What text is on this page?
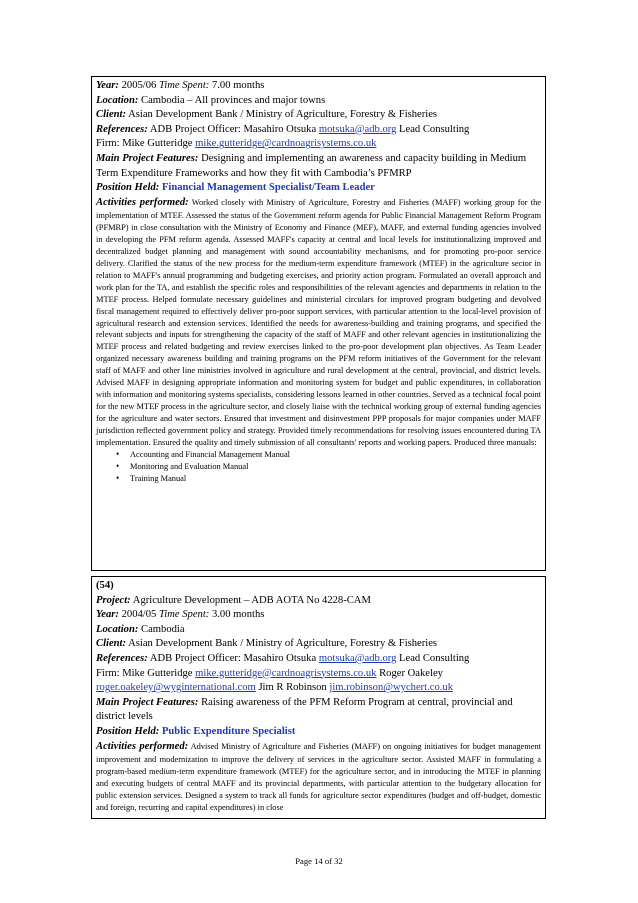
Year: 2005/06 Time Spent: 7.00 months
Location: Cambodia – All provinces and major towns
Client: Asian Development Bank / Ministry of Agriculture, Forestry & Fisheries
References: ADB Project Officer: Masahiro Otsuka motsuka@adb.org Lead Consulting
Firm: Mike Gutteridge mike.gutteridge@cardnoagrisystems.co.uk
Main Project Features: Designing and implementing an awareness and capacity building in Medium Term Expenditure Frameworks and how they fit with Cambodia’s PFMRP
Position Held: Financial Management Specialist/Team Leader
Activities performed: Worked closely with Ministry of Agriculture, Forestry and Fisheries (MAFF) working group for the implementation of MTEF. Assessed the status of the Government reform agenda for Public Financial Management Reform Program (PFMRP) in close consultation with the Ministry of Economy and Finance (MEF), MAFF, and external funding agencies involved in developing the PFM reform agenda. Assessed MAFF's capacity at central and local levels for institutionalizing improved and decentralized budget planning and management with sound accountability mechanisms, and for promoting pro-poor service delivery. Clarified the status of the new process for the medium-term expenditure framework (MTEF) in the agriculture sector in relation to MAFF's annual programming and budgeting exercises, and priority action program. Formulated an overall approach and work plan for the TA, and establish the specific roles and responsibilities of the relevant agencies and departments in relation to the MTEF process. Helped formulate necessary guidelines and ministerial circulars for improved program budgeting and devolved fiscal management required to effectively deliver pro-poor support services, with particular attention to the local-level provision of agricultural research and extension services. Identified the needs for awareness-building and training programs, and specified the relevant subjects and inputs for strengthening the capacity of the staff of MAFF and other relevant agencies in institutionalizing the MTEF process and related budgeting and review exercises linked to the pro-poor development plan objectives. As Team Leader organized necessary awareness building and training programs on the PFM reform initiatives of the Government for the relevant staff of MAFF and other line ministries involved in agriculture and rural development at the central, provincial, and district levels. Advised MAFF in designing appropriate information and monitoring system for budget and public expenditures, in collaboration with information and monitoring systems specialists, considering lessons learned in other countries. Served as a technical focal point for the new MTEF process in the agriculture sector, and closely liaise with the technical working group of external funding agencies for the agriculture and water sectors. Ensured that investment and disinvestment PPP proposals for major companies under MAFF jurisdiction reflected government policy and strategy. Provided timely recommendations for resolving issues encountered during TA implementation. Ensured the quality and timely submission of all consultants' reports and working papers. Produced three manuals:
• Accounting and Financial Management Manual
• Monitoring and Evaluation Manual
• Training Manual
(54)
Project: Agriculture Development – ADB AOTA No 4228-CAM
Year: 2004/05 Time Spent: 3.00 months
Location: Cambodia
Client: Asian Development Bank / Ministry of Agriculture, Forestry & Fisheries
References: ADB Project Officer: Masahiro Otsuka motsuka@adb.org Lead Consulting
Firm: Mike Gutteridge mike.gutteridge@cardnoagrisystems.co.uk Roger Oakeley
roger.oakeley@wyginternational.com Jim R Robinson jim.robinson@wychert.co.uk
Main Project Features: Raising awareness of the PFM Reform Program at central, provincial and district levels
Position Held: Public Expenditure Specialist
Activities performed: Advised Ministry of Agriculture and Fisheries (MAFF) on ongoing initiatives for budget management improvement and modernization to improve the delivery of services in the agriculture sector. Assisted MAFF in formulating a program-based medium-term expenditure framework (MTEF) for the agriculture sector, and in introducing the MTEF in planning and executing budgets of central MAFF and its provincial departments, with particular attention to the budgetary allocation for public extension services. Designed a system to track all funds for agriculture sector expenditures (budget and off-budget, domestic and foreign, recurring and capital expenditures) in close
Page 14 of 32
